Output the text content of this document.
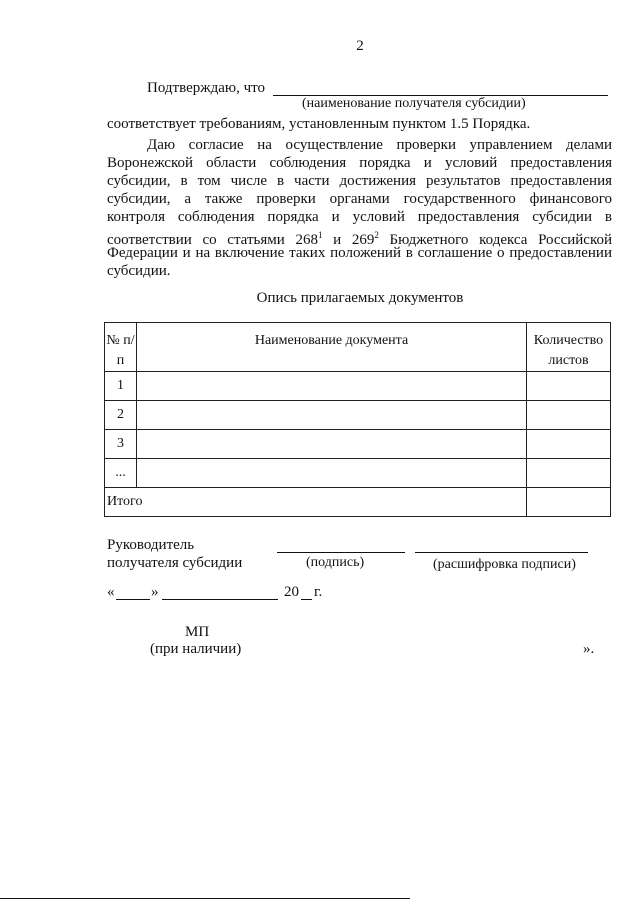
2
Подтверждаю, что
(наименование получателя субсидии)
соответствует требованиям, установленным пунктом 1.5 Порядка.
Даю согласие на осуществление проверки управлением делами
Воронежской области соблюдения порядка и условий предоставления
субсидии, в том числе в части достижения результатов предоставления
субсидии, а также проверки органами государственного финансового
контроля соблюдения порядка и условий предоставления субсидии в
соответствии со статьями $268^1$ и $269^2$ Бюджетного кодекса Российской
Федерации и на включение таких положений в соглашение о предоставлении
субсидии.
Опись прилагаемых документов
№ п/п	Наименование документа	Количество листов
1		
2		
3		
...		
Итого		
Руководитель
получателя субсидии	(подпись)	(расшифровка подписи)
« »	20 г.
МП
(при наличии)	».
